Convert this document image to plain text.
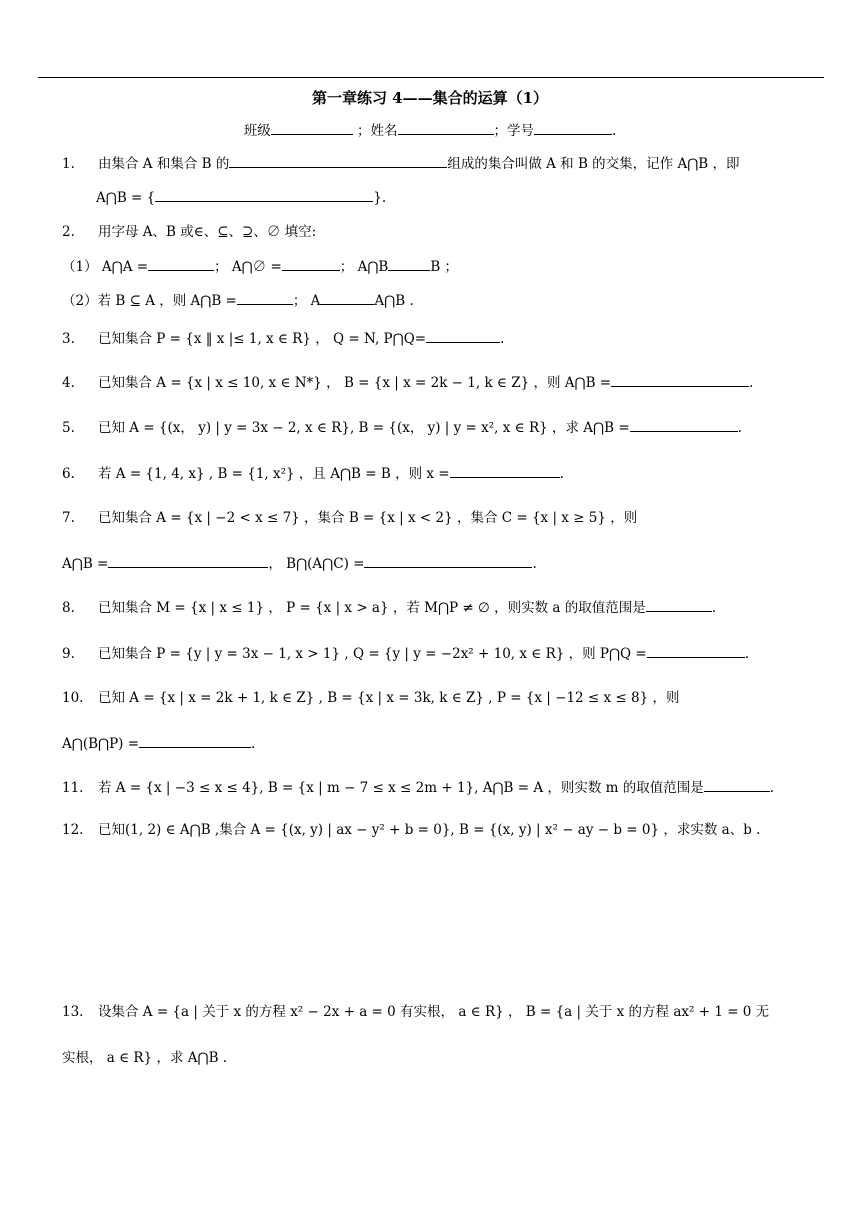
第一章练习 4——集合的运算（1）
班级	；姓名	；学号	.
1. 由集合 A 和集合 B 的	组成的集合叫做 A 和 B 的交集，记作 A⋂B ，即
A⋂B = {	}.
2. 用字母 A、B 或∈、⊆、⊇、∅ 填空:
（1） A⋂A =	； A⋂∅ =	； A⋂B	B ；
（2）若 B ⊆ A ，则 A⋂B =	； A	A⋂B .
3. 已知集合 P = {x ‖ x |≤ 1, x ∈ R} ， Q = N, P⋂Q=	.
4. 已知集合 A = {x | x ≤ 10, x ∈ N*} ， B = {x | x = 2k − 1, k ∈ Z} ，则 A⋂B =	.
5. 已知 A = {(x， y) | y = 3x − 2, x ∈ R}, B = {(x， y) | y = x², x ∈ R} ，求 A⋂B =	.
6. 若 A = {1, 4, x} , B = {1, x²} ，且 A⋂B = B ，则 x =	.
7. 已知集合 A = {x | −2 < x ≤ 7} ，集合 B = {x | x < 2} ，集合 C = {x | x ≥ 5} ，则
A⋂B =	， B⋂(A⋂C) =	.
8. 已知集合 M = {x | x ≤ 1} ， P = {x | x > a} ，若 M⋂P ≠ ∅ ，则实数 a 的取值范围是	.
9. 已知集合 P = {y | y = 3x − 1, x > 1} , Q = {y | y = −2x² + 10, x ∈ R} ，则 P⋂Q =	.
10. 已知 A = {x | x = 2k + 1, k ∈ Z} , B = {x | x = 3k, k ∈ Z} , P = {x | −12 ≤ x ≤ 8} ，则
A⋂(B⋂P) =	.
11. 若 A = {x | −3 ≤ x ≤ 4}, B = {x | m − 7 ≤ x ≤ 2m + 1}, A⋂B = A ，则实数 m 的取值范围是	.
12. 已知(1, 2) ∈ A⋂B ,集合 A = {(x, y) | ax − y² + b = 0}, B = {(x, y) | x² − ay − b = 0} ，求实数 a、b .
13. 设集合 A = {a | 关于 x 的方程 x² − 2x + a = 0 有实根， a ∈ R} ， B = {a | 关于 x 的方程 ax² + 1 = 0 无
实根， a ∈ R} ，求 A⋂B .
